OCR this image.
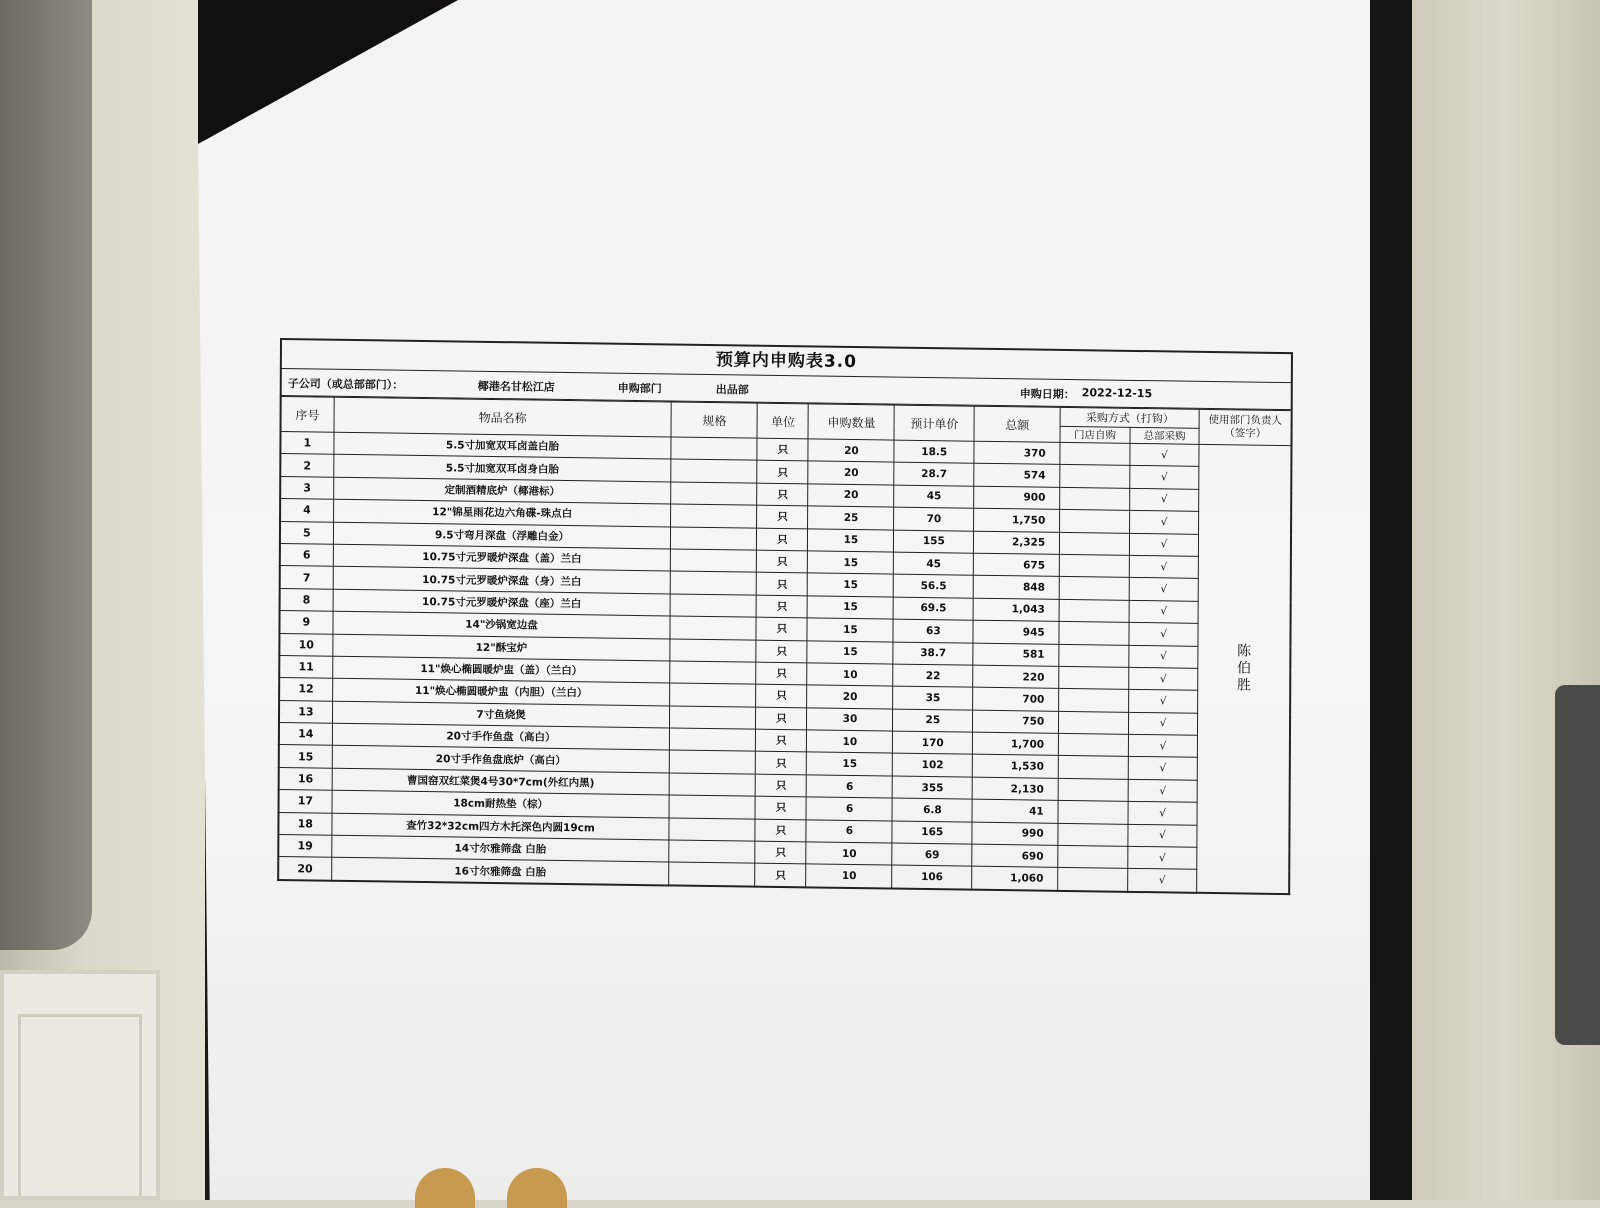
预算内申购表3.0
子公司（或总部部门）：	椰港名甘松江店	申购部门	出品部	申购日期： 2022-12-15
序号	物品名称	规格	单位	申购数量	预计单价	总额	采购方式（打钩）		使用部门负责人（签字）
							门店自购	总部采购	
1	5.5寸加宽双耳卤盖白胎		只	20	18.5	370		√	陈
伯
胜
2	5.5寸加宽双耳卤身白胎		只	20	28.7	574		√	
3	定制酒精底炉（椰港标）		只	20	45	900		√	
4	12"锦星雨花边六角碟-珠点白		只	25	70	1,750		√	
5	9.5寸弯月深盘（浮雕白金）		只	15	155	2,325		√	
6	10.75寸元罗暖炉深盘（盖）兰白		只	15	45	675		√	
7	10.75寸元罗暖炉深盘（身）兰白		只	15	56.5	848		√	
8	10.75寸元罗暖炉深盘（座）兰白		只	15	69.5	1,043		√	
9	14"沙锅宽边盘		只	15	63	945		√	
10	12"酥宝炉		只	15	38.7	581		√	
11	11"焕心椭圆暖炉盅（盖）（兰白）		只	10	22	220		√	
12	11"焕心椭圆暖炉盅（内胆）（兰白）		只	20	35	700		√	
13	7寸鱼烧煲		只	30	25	750		√	
14	20寸手作鱼盘（高白）		只	10	170	1,700		√	
15	20寸手作鱼盘底炉（高白）		只	15	102	1,530		√	
16	曹国窑双红菜煲4号30*7cm(外红内黑)		只	6	355	2,130		√	
17	18cm耐热垫（棕）		只	6	6.8	41		√	
18	查竹32*32cm四方木托深色内圆19cm		只	6	165	990		√	
19	14寸尔雅筛盘 白胎		只	10	69	690		√	
20	16寸尔雅筛盘 白胎		只	10	106	1,060		√	
